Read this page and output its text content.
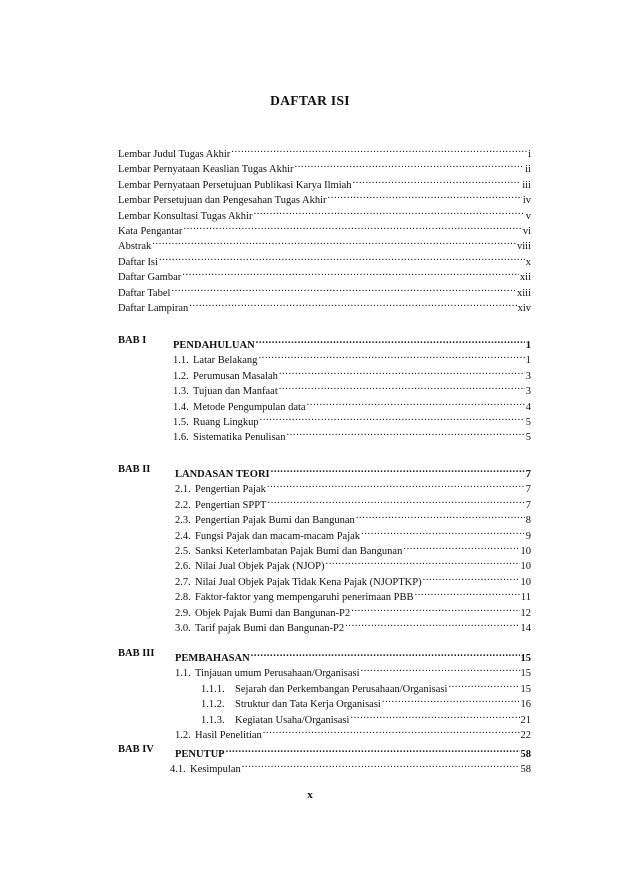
DAFTAR ISI
Lembar Judul Tugas Akhir .....	i
Lembar Pernyataan Keaslian Tugas Akhir .....	ii
Lembar Pernyataan Persetujuan Publikasi Karya Ilmiah .....	iii
Lembar Persetujuan dan Pengesahan Tugas Akhir .....	iv
Lembar Konsultasi Tugas Akhir .....	v
Kata Pengantar .....	vi
Abstrak .....	viii
Daftar Isi .....	x
Daftar Gambar .....	xii
Daftar Tabel .....	xiii
Daftar Lampiran .....	xiv
BAB I	PENDAHULUAN .....	1
1.1. Latar Belakang .....	1
1.2. Perumusan Masalah .....	3
1.3. Tujuan dan Manfaat .....	3
1.4. Metode Pengumpulan data .....	4
1.5. Ruang Lingkup .....	5
1.6. Sistematika Penulisan .....	5
BAB II LANDASAN TEORI .....	7
2.1. Pengertian Pajak .....	7
2.2. Pengertian SPPT .....	7
2.3. Pengertian Pajak Bumi dan Bangunan .....	8
2.4. Fungsi Pajak dan macam-macam Pajak .....	9
2.5. Sanksi Keterlambatan Pajak Bumi dan Bangunan .....	10
2.6. Nilai Jual Objek Pajak (NJOP) .....	10
2.7. Nilai Jual Objek Pajak Tidak Kena Pajak (NJOPTKP) .....	10
2.8. Faktor-faktor yang mempengaruhi penerimaan PBB .....	11
2.9. Objek Pajak Bumi dan Bangunan-P2 .....	12
3.0. Tarif pajak Bumi dan Bangunan-P2 .....	14
BAB III PEMBAHASAN .....	15
1.1. Tinjauan umum Perusahaan/Organisasi .....	15
1.1.1. Sejarah dan Perkembangan Perusahaan/Organisasi .....	15
1.1.2. Struktur dan Tata Kerja Organisasi .....	16
1.1.3. Kegiatan Usaha/Organisasi .....	21
1.2. Hasil Penelitian .....	22
BAB IV PENUTUP .....	58
4.1. Kesimpulan .....	58
x
